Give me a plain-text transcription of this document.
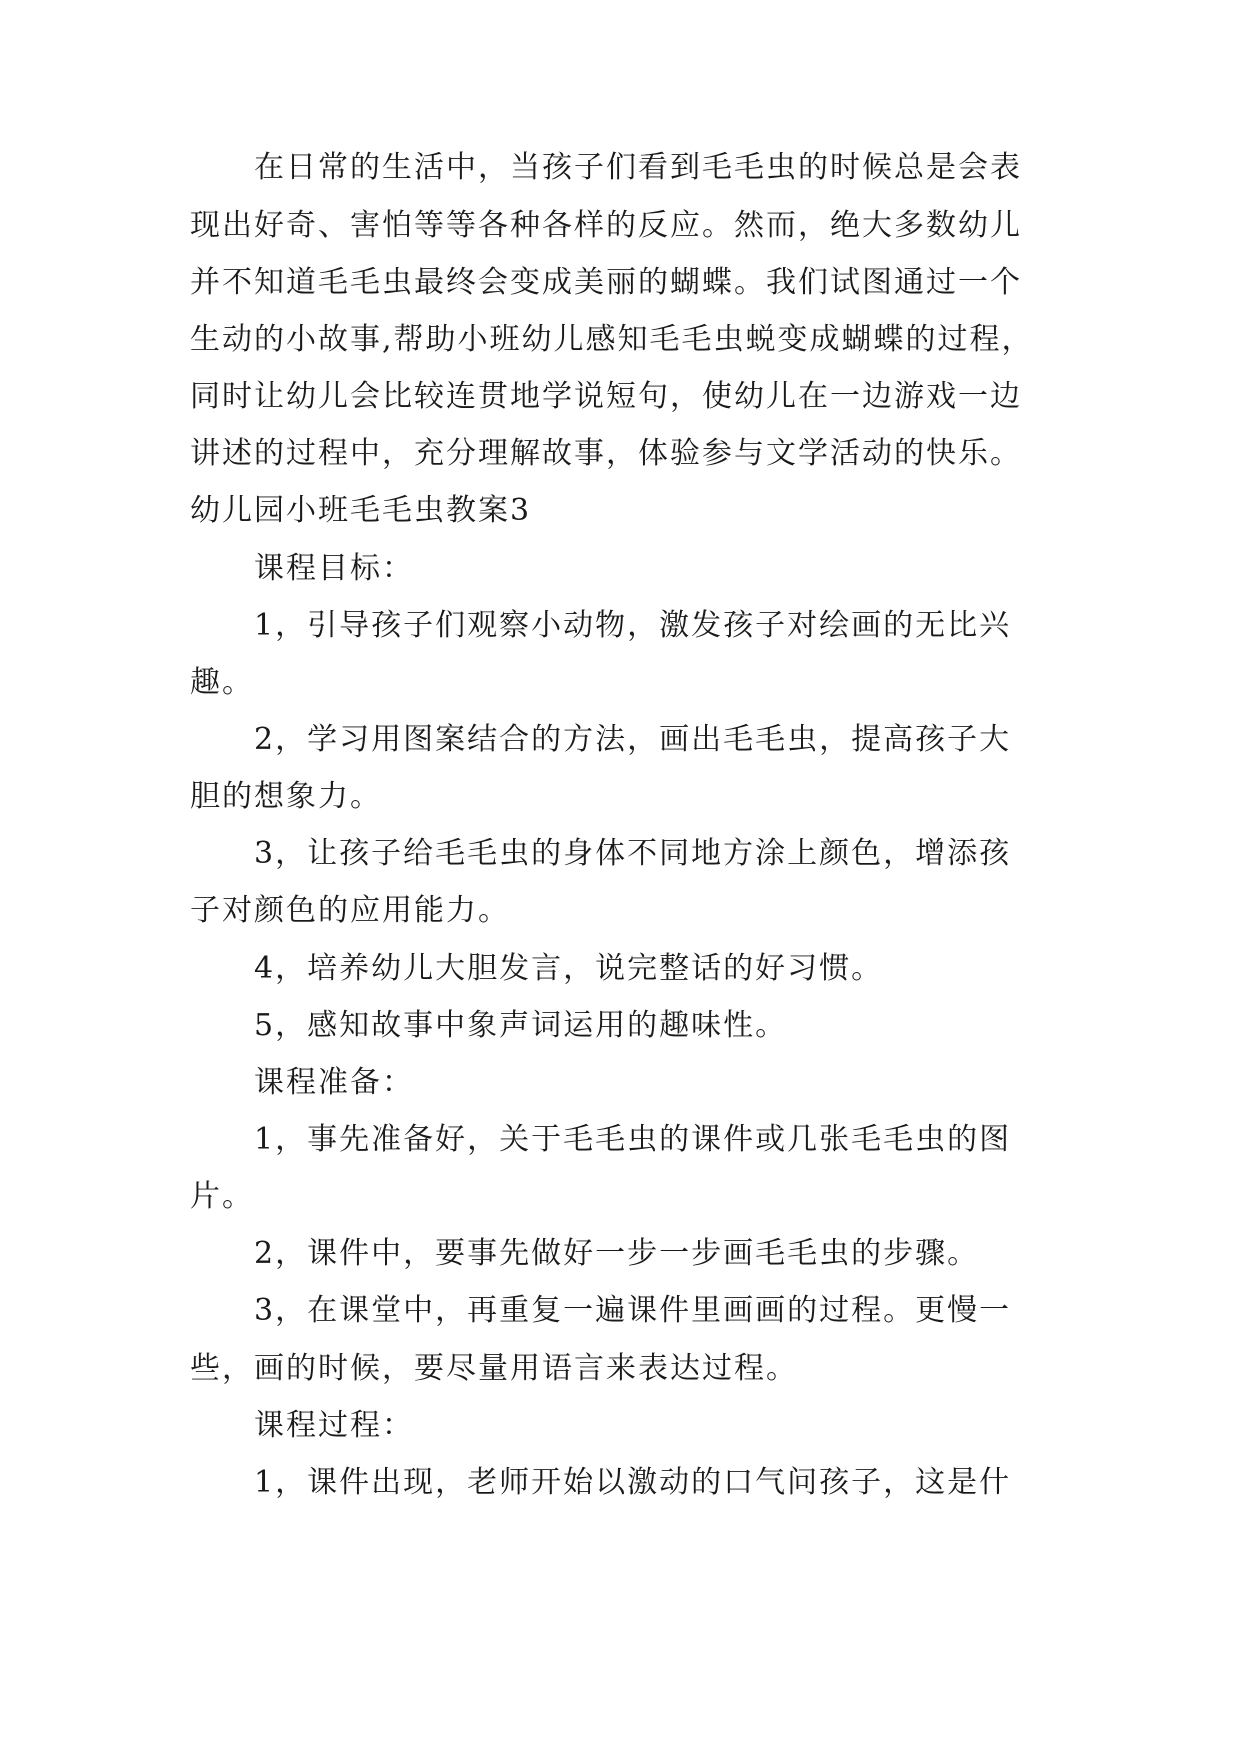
在日常的生活中，当孩子们看到毛毛虫的时候总是会表
现出好奇、害怕等等各种各样的反应。然而，绝大多数幼儿
并不知道毛毛虫最终会变成美丽的蝴蝶。我们试图通过一个
生动的小故事,帮助小班幼儿感知毛毛虫蜕变成蝴蝶的过程，
同时让幼儿会比较连贯地学说短句，使幼儿在一边游戏一边
讲述的过程中，充分理解故事，体验参与文学活动的快乐。
幼儿园小班毛毛虫教案3
课程目标：
1，引导孩子们观察小动物，激发孩子对绘画的无比兴
趣。
2，学习用图案结合的方法，画出毛毛虫，提高孩子大
胆的想象力。
3，让孩子给毛毛虫的身体不同地方涂上颜色，增添孩
子对颜色的应用能力。
4，培养幼儿大胆发言，说完整话的好习惯。
5，感知故事中象声词运用的趣味性。
课程准备：
1，事先准备好，关于毛毛虫的课件或几张毛毛虫的图
片。
2，课件中，要事先做好一步一步画毛毛虫的步骤。
3，在课堂中，再重复一遍课件里画画的过程。更慢一
些，画的时候，要尽量用语言来表达过程。
课程过程：
1，课件出现，老师开始以激动的口气问孩子，这是什
